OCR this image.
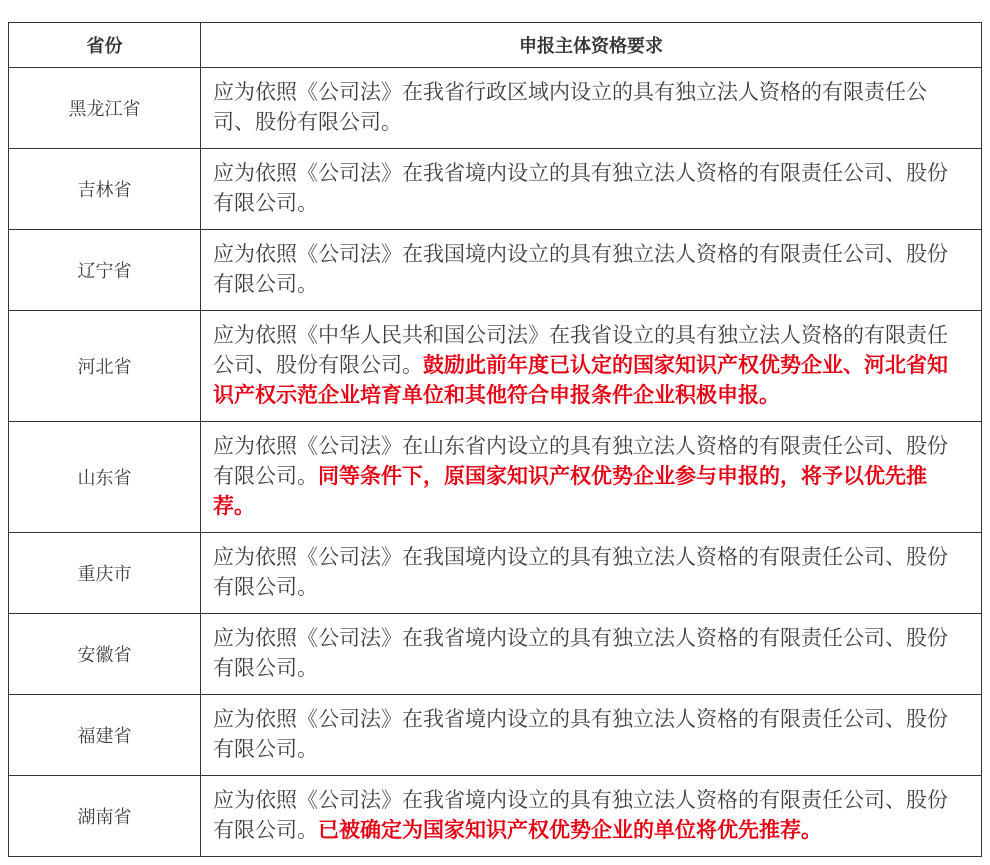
省份	申报主体资格要求
黑龙江省	应为依照《公司法》在我省行政区域内设立的具有独立法人资格的有限责任公司、股份有限公司。
吉林省	应为依照《公司法》在我省境内设立的具有独立法人资格的有限责任公司、股份有限公司。
辽宁省	应为依照《公司法》在我国境内设立的具有独立法人资格的有限责任公司、股份有限公司。
河北省	应为依照《中华人民共和国公司法》在我省设立的具有独立法人资格的有限责任公司、股份有限公司。鼓励此前年度已认定的国家知识产权优势企业、河北省知识产权示范企业培育单位和其他符合申报条件企业积极申报。
山东省	应为依照《公司法》在山东省内设立的具有独立法人资格的有限责任公司、股份有限公司。同等条件下，原国家知识产权优势企业参与申报的，将予以优先推荐。
重庆市	应为依照《公司法》在我国境内设立的具有独立法人资格的有限责任公司、股份有限公司。
安徽省	应为依照《公司法》在我省境内设立的具有独立法人资格的有限责任公司、股份有限公司。
福建省	应为依照《公司法》在我省境内设立的具有独立法人资格的有限责任公司、股份有限公司。
湖南省	应为依照《公司法》在我省境内设立的具有独立法人资格的有限责任公司、股份有限公司。已被确定为国家知识产权优势企业的单位将优先推荐。
